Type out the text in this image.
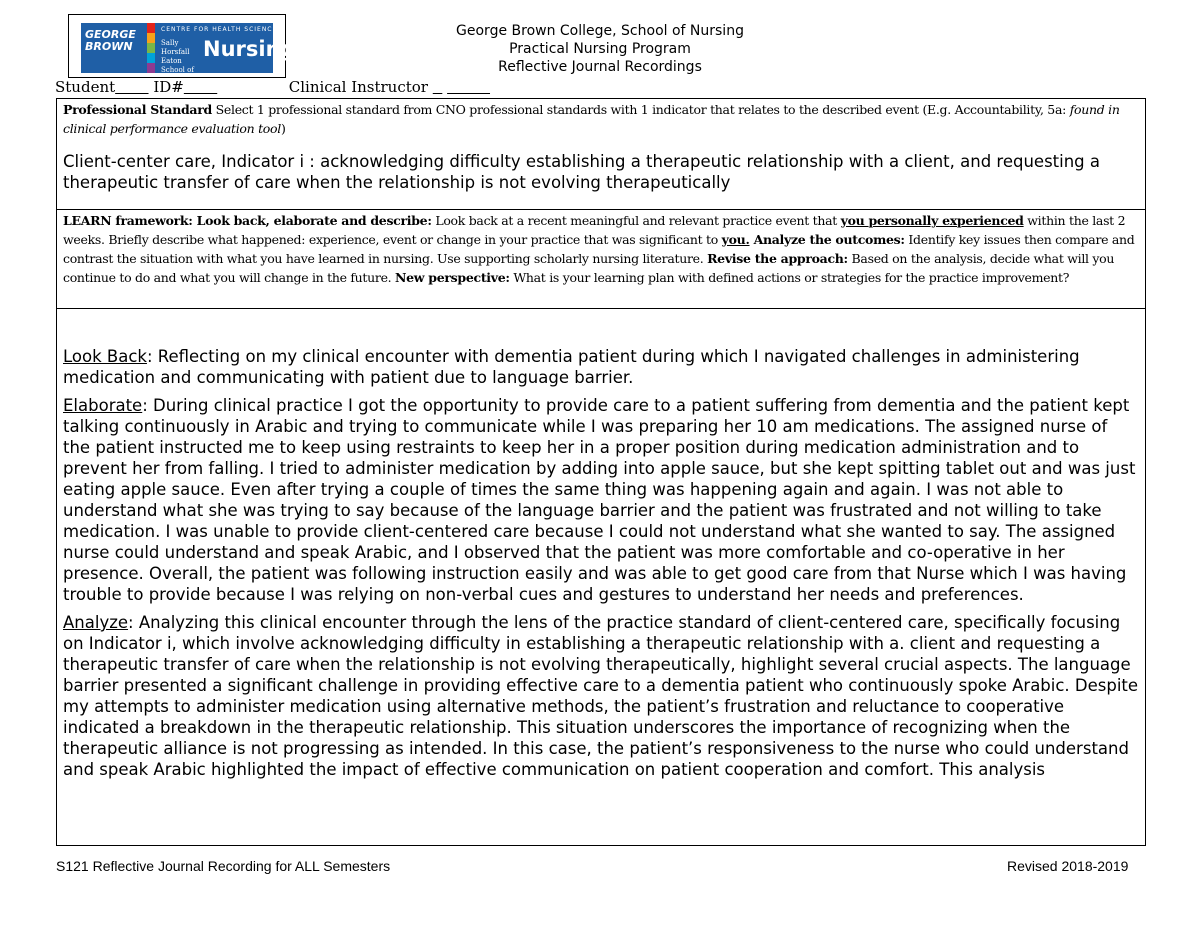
GEORGE BROWN
CENTRE FOR HEALTH SCIENCES
Sally Horsfall Eaton School of
Nursing
George Brown College, School of Nursing
Practical Nursing Program
Reflective Journal Recordings
Student	ID#	Clinical Instructor
Professional Standard Select 1 professional standard from CNO professional standards with 1 indicator that relates to the described event (E.g. Accountability, 5a: found in clinical performance evaluation tool)
Client-center care, Indicator i : acknowledging difficulty establishing a therapeutic relationship with a client, and requesting a therapeutic transfer of care when the relationship is not evolving therapeutically
LEARN framework: Look back, elaborate and describe: Look back at a recent meaningful and relevant practice event that you personally experienced within the last 2 weeks. Briefly describe what happened: experience, event or change in your practice that was significant to you. Analyze the outcomes: Identify key issues then compare and contrast the situation with what you have learned in nursing. Use supporting scholarly nursing literature. Revise the approach: Based on the analysis, decide what will you continue to do and what you will change in the future. New perspective: What is your learning plan with defined actions or strategies for the practice improvement?
Look Back: Reflecting on my clinical encounter with dementia patient during which I navigated challenges in administering medication and communicating with patient due to language barrier.
Elaborate: During clinical practice I got the opportunity to provide care to a patient suffering from dementia and the patient kept talking continuously in Arabic and trying to communicate while I was preparing her 10 am medications. The assigned nurse of the patient instructed me to keep using restraints to keep her in a proper position during medication administration and to prevent her from falling. I tried to administer medication by adding into apple sauce, but she kept spitting tablet out and was just eating apple sauce. Even after trying a couple of times the same thing was happening again and again. I was not able to understand what she was trying to say because of the language barrier and the patient was frustrated and not willing to take medication. I was unable to provide client-centered care because I could not understand what she wanted to say. The assigned nurse could understand and speak Arabic, and I observed that the patient was more comfortable and co-operative in her presence. Overall, the patient was following instruction easily and was able to get good care from that Nurse which I was having trouble to provide because I was relying on non-verbal cues and gestures to understand her needs and preferences.
Analyze: Analyzing this clinical encounter through the lens of the practice standard of client-centered care, specifically focusing on Indicator i, which involve acknowledging difficulty in establishing a therapeutic relationship with a. client and requesting a therapeutic transfer of care when the relationship is not evolving therapeutically, highlight several crucial aspects. The language barrier presented a significant challenge in providing effective care to a dementia patient who continuously spoke Arabic. Despite my attempts to administer medication using alternative methods, the patient’s frustration and reluctance to cooperative indicated a breakdown in the therapeutic relationship. This situation underscores the importance of recognizing when the therapeutic alliance is not progressing as intended. In this case, the patient’s responsiveness to the nurse who could understand and speak Arabic highlighted the impact of effective communication on patient cooperation and comfort. This analysis
S121 Reflective Journal Recording for ALL Semesters	Revised 2018-2019
